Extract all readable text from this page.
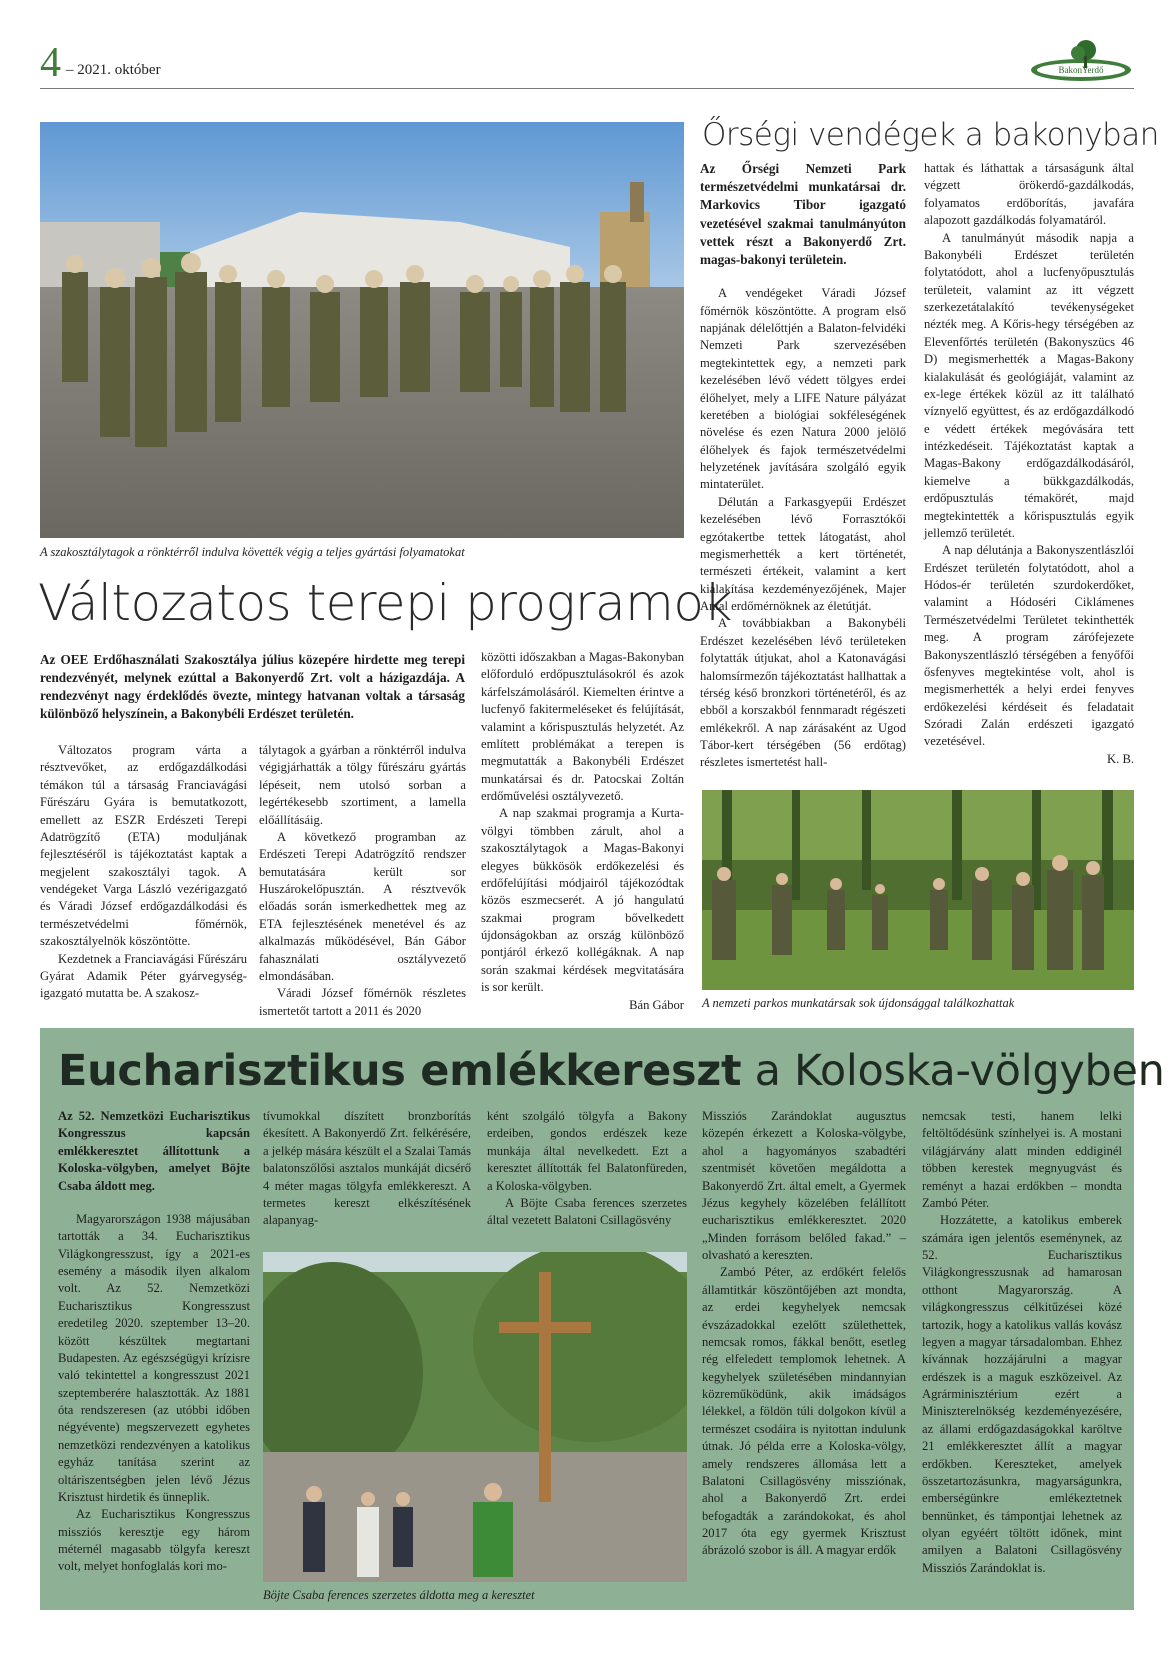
4 – 2021. október	BakonYerdő
A szakosztálytagok a rönktérről indulva követték végig a teljes gyártási folyamatokat
Változatos terepi programok
Az OEE Erdőhasználati Szakosztálya július közepére hirdette meg terepi rendezvényét, melynek ezúttal a Bakonyerdő Zrt. volt a házigazdája. A rendezvényt nagy érdeklődés övezte, mintegy hatvanan voltak a társaság különböző helyszínein, a Bakonybéli Erdészet területén.

Változatos program várta a résztvevőket, az erdőgazdálkodási témákon túl a társaság Franciavágási Fűrészáru Gyára is bemutatkozott, emellett az ESZR Erdészeti Terepi Adatrögzítő (ETA) moduljának fejlesztéséről is tájékoztatást kaptak a megjelent szakosztályi tagok. A vendégeket Varga László vezérigazgató és Váradi József erdőgazdálkodási és természetvédelmi főmérnök, szakosztályelnök köszöntötte.

Kezdetnek a Franciavágási Fűrészáru Gyárat Adamik Péter gyárvegység-igazgató mutatta be. A szakosz-

tálytagok a gyárban a rönktérről indulva végigjárhatták a tölgy fűrészáru gyártás lépéseit, nem utolsó sorban a legértékesebb szortiment, a lamella előállításáig.

A következő programban az Erdészeti Terepi Adatrögzítő rendszer bemutatására került sor Huszárokelőpusztán. A résztvevők előadás során ismerkedhettek meg az ETA fejlesztésének menetével és az alkalmazás működésével, Bán Gábor fahasználati osztályvezető elmondásában.

Váradi József főmérnök részletes ismertetőt tartott a 2011 és 2020

közötti időszakban a Magas-Bakonyban előforduló erdőpusztulásokról és azok kárfelszámolásáról. Kiemelten érintve a lucfenyő fakitermeléseket és felújítását, valamint a kőrispusztulás helyzetét. Az említett problémákat a terepen is megmutatták a Bakonybéli Erdészet munkatársai és dr. Patocskai Zoltán erdőművelési osztályvezető.

A nap szakmai programja a Kurta-völgyi tömbben zárult, ahol a szakosztálytagok a Magas-Bakonyi elegyes bükkösök erdőkezelési és erdőfelújítási módjairól tájékozódtak közös eszmecserét. A jó hangulatú szakmai program bővelkedett újdonságokban az ország különböző pontjáról érkező kollégáknak. A nap során szakmai kérdések megvitatására is sor került.

Bán Gábor
Őrségi vendégek a bakonyban

Az Őrségi Nemzeti Park természetvédelmi munkatársai dr. Markovics Tibor igazgató vezetésével szakmai tanulmányúton vettek részt a Bakonyerdő Zrt. magas-bakonyi területein.

A vendégeket Váradi József főmérnök köszöntötte. A program első napjának délelőttjén a Balaton-felvidéki Nemzeti Park szervezésében megtekintettek egy, a nemzeti park kezelésében lévő védett tölgyes erdei élőhelyet, mely a LIFE Nature pályázat keretében a biológiai sokféleségének növelése és ezen Natura 2000 jelölő élőhelyek és fajok természetvédelmi helyzetének javítására szolgáló egyik mintaterület.

Délután a Farkasgyepűi Erdészet kezelésében lévő Forrasztókői egzótakertbe tettek látogatást, ahol megismerhették a kert történetét, természeti értékeit, valamint a kert kialakítása kezdeményezőjének, Majer Antal erdőmérnöknek az életútját.

A továbbiakban a Bakonybéli Erdészet kezelésében lévő területeken folytatták útjukat, ahol a Katonavágási halomsírmezőn tájékoztatást hallhattak a térség késő bronzkori történetéről, és az ebből a korszakból fennmaradt régészeti emlékekről. A nap zárásaként az Ugod Tábor-kert térségében (56 erdőtag) részletes ismertetést hall-

hattak és láthattak a társaságunk által végzett örökerdő-gazdálkodás, folyamatos erdőborítás, javafára alapozott gazdálkodás folyamatáról.

A tanulmányút második napja a Bakonybéli Erdészet területén folytatódott, ahol a lucfenyőpusztulás területeit, valamint az itt végzett szerkezetátalakító tevékenységeket nézték meg. A Kőris-hegy térségében az Elevenfőrtés területén (Bakonyszücs 46 D) megismerhették a Magas-Bakony kialakulását és geológiáját, valamint az ex-lege értékek közül az itt található víznyelő együttest, és az erdőgazdálkodó e védett értékek megóvására tett intézkedéseit. Tájékoztatást kaptak a Magas-Bakony erdőgazdálkodásáról, kiemelve a bükkgazdálkodás, erdőpusztulás témakörét, majd megtekintették a kőrispusztulás egyik jellemző területét.

A nap délutánja a Bakonyszentlászlói Erdészet területén folytatódott, ahol a Hódos-ér területén szurdokerdőket, valamint a Hódoséri Ciklámenes Természetvédelmi Területet tekinthették meg. A program zárófejezete Bakonyszentlászló térségében a fenyőfői ősfenyves megtekintése volt, ahol is megismerhették a helyi erdei fenyves erdőkezelési kérdéseit és feladatait Szóradi Zalán erdészeti igazgató vezetésével.

K. B.
A nemzeti parkos munkatársak sok újdonsággal találkozhattak
Eucharisztikus emlékkereszt a Koloska-völgyben

Az 52. Nemzetközi Eucharisztikus Kongresszus kapcsán emlékkeresztet állítottunk a Koloska-völgyben, amelyet Böjte Csaba áldott meg.

Magyarországon 1938 májusában tartották a 34. Eucharisztikus Világkongresszust, így a 2021-es esemény a második ilyen alkalom volt. Az 52. Nemzetközi Eucharisztikus Kongresszust eredetileg 2020. szeptember 13–20. között készültek megtartani Budapesten. Az egészségügyi krízisre való tekintettel a kongresszust 2021 szeptemberére halasztották. Az 1881 óta rendszeresen (az utóbbi időben négyévente) megszervezett egyhetes nemzetközi rendezvényen a katolikus egyház tanítása szerint az oltáriszentségben jelen lévő Jézus Krisztust hirdetik és ünneplik.

Az Eucharisztikus Kongresszus missziós keresztje egy három méternél magasabb tölgyfa kereszt volt, melyet honfoglalás kori mo-

tívumokkal díszített bronzborítás ékesített. A Bakonyerdő Zrt. felkérésére, a jelkép mására készült el a Szalai Tamás balatonszőlősi asztalos munkáját dicsérő 4 méter magas tölgyfa emlékkereszt. A termetes kereszt elkészítésének alapanyag-

ként szolgáló tölgyfa a Bakony erdeiben, gondos erdészek keze munkája által nevelkedett. Ezt a keresztet állították fel Balatonfüreden, a Koloska-völgyben.

A Böjte Csaba ferences szerzetes által vezetett Balatoni Csillagösvény

Böjte Csaba ferences szerzetes áldotta meg a keresztet

Missziós Zarándoklat augusztus közepén érkezett a Koloska-völgybe, ahol a hagyományos szabadtéri szentmisét követően megáldotta a Bakonyerdő Zrt. által emelt, a Gyermek Jézus kegyhely közelében felállított eucharisztikus emlékkeresztet. 2020 „Minden forrásom belőled fakad.” – olvasható a kereszten.

Zambó Péter, az erdőkért felelős államtitkár köszöntőjében azt mondta, az erdei kegyhelyek nemcsak évszázadokkal ezelőtt születhettek, nemcsak romos, fákkal benőtt, esetleg rég elfeledett templomok lehetnek. A kegyhelyek születésében mindannyian közreműködünk, akik imádságos lélekkel, a földön túli dolgokon kívül a természet csodáira is nyitottan indulunk útnak. Jó példa erre a Koloska-völgy, amely rendszeres állomása lett a Balatoni Csillagösvény missziónak, ahol a Bakonyerdő Zrt. erdei befogadták a zarándokokat, és ahol 2017 óta egy gyermek Krisztust ábrázoló szobor is áll. A magyar erdők

nemcsak testi, hanem lelki feltöltődésünk színhelyei is. A mostani világjárvány alatt minden eddiginél többen kerestek megnyugvást és reményt a hazai erdőkben – mondta Zambó Péter.

Hozzátette, a katolikus emberek számára igen jelentős eseménynek, az 52. Eucharisztikus Világkongresszusnak ad hamarosan otthont Magyarország. A világkongresszus célkitűzései közé tartozik, hogy a katolikus vallás kovász legyen a magyar társadalomban. Ehhez kívánnak hozzájárulni a magyar erdészek is a maguk eszközeivel. Az Agrárminisztérium ezért a Miniszterelnökség kezdeményezésére, az állami erdőgazdaságokkal karöltve 21 emlékkeresztet állít a magyar erdőkben. Kereszteket, amelyek összetartozásunkra, magyarságunkra, emberségünkre emlékeztetnek bennünket, és támpontjai lehetnek az olyan egyéért töltött időnek, mint amilyen a Balatoni Csillagösvény Missziós Zarándoklat is.
